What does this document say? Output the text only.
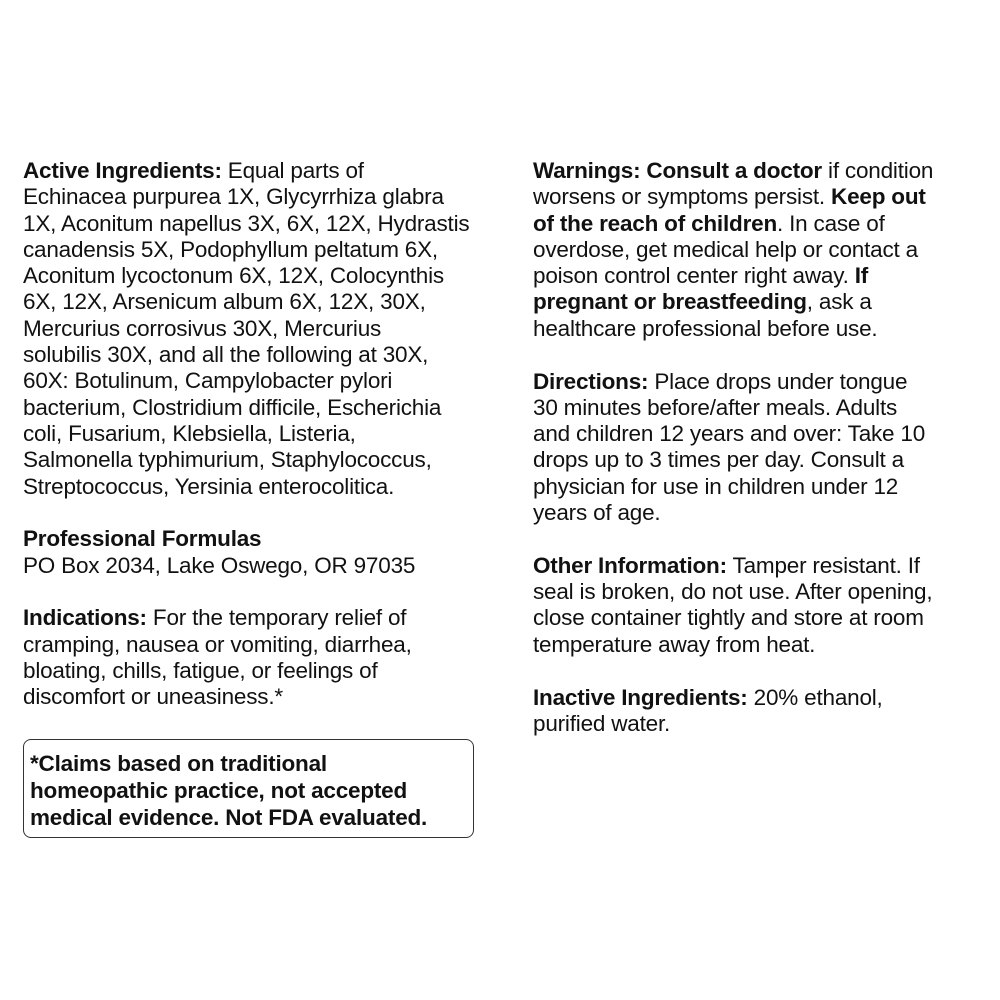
Active Ingredients: Equal parts of
Echinacea purpurea 1X, Glycyrrhiza glabra
1X, Aconitum napellus 3X, 6X, 12X, Hydrastis
canadensis 5X, Podophyllum peltatum 6X,
Aconitum lycoctonum 6X, 12X, Colocynthis
6X, 12X, Arsenicum album 6X, 12X, 30X,
Mercurius corrosivus 30X, Mercurius
solubilis 30X, and all the following at 30X,
60X: Botulinum, Campylobacter pylori
bacterium, Clostridium difficile, Escherichia
coli, Fusarium, Klebsiella, Listeria,
Salmonella typhimurium, Staphylococcus,
Streptococcus, Yersinia enterocolitica.
Professional Formulas
PO Box 2034, Lake Oswego, OR 97035
Indications: For the temporary relief of
cramping, nausea or vomiting, diarrhea,
bloating, chills, fatigue, or feelings of
discomfort or uneasiness.*
*Claims based on traditional
homeopathic practice, not accepted
medical evidence. Not FDA evaluated.
Warnings: Consult a doctor if condition
worsens or symptoms persist. Keep out
of the reach of children. In case of
overdose, get medical help or contact a
poison control center right away. If
pregnant or breastfeeding, ask a
healthcare professional before use.
Directions: Place drops under tongue
30 minutes before/after meals. Adults
and children 12 years and over: Take 10
drops up to 3 times per day. Consult a
physician for use in children under 12
years of age.
Other Information: Tamper resistant. If
seal is broken, do not use. After opening,
close container tightly and store at room
temperature away from heat.
Inactive Ingredients: 20% ethanol,
purified water.
